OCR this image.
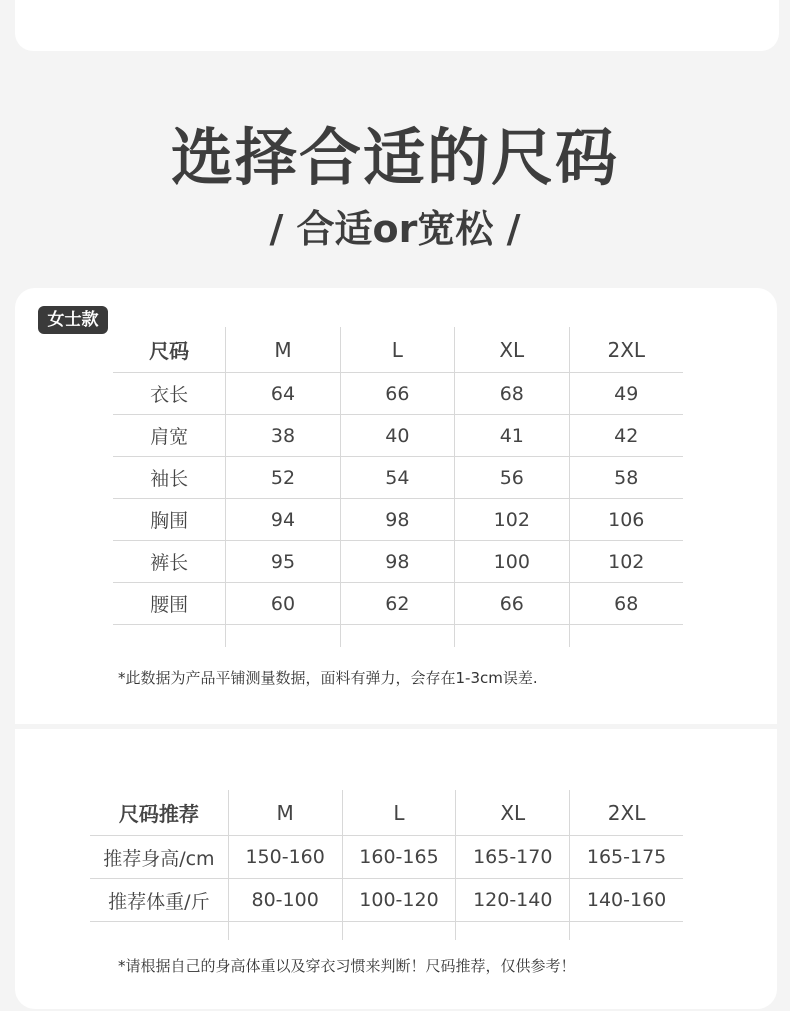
选择合适的尺码
/ 合适or宽松 /
女士款
尺码	M	L	XL	2XL
衣长	64	66	68	49
肩宽	38	40	41	42
袖长	52	54	56	58
胸围	94	98	102	106
裤长	95	98	100	102
腰围	60	62	66	68

*此数据为产品平铺测量数据，面料有弹力，会存在1-3cm误差.
尺码推荐	M	L	XL	2XL
推荐身高/cm	150-160	160-165	165-170	165-175
推荐体重/斤	80-100	100-120	120-140	140-160

*请根据自己的身高体重以及穿衣习惯来判断！尺码推荐，仅供参考！
